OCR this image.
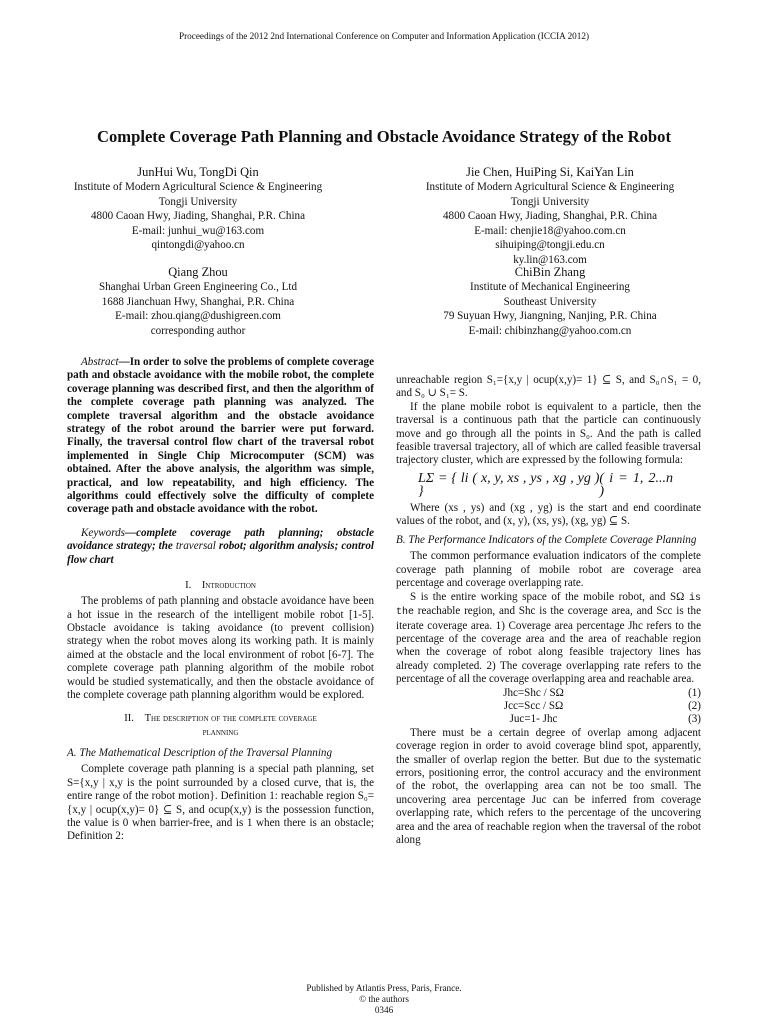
Proceedings of the 2012 2nd International Conference on Computer and Information Application (ICCIA 2012)
Complete Coverage Path Planning and Obstacle Avoidance Strategy of the Robot
JunHui Wu, TongDi Qin
Institute of Modern Agricultural Science & Engineering
Tongji University
4800 Caoan Hwy, Jiading, Shanghai, P.R. China
E-mail: junhui_wu@163.com
qintongdi@yahoo.cn
Jie Chen, HuiPing Si, KaiYan Lin
Institute of Modern Agricultural Science & Engineering
Tongji University
4800 Caoan Hwy, Jiading, Shanghai, P.R. China
E-mail: chenjie18@yahoo.com.cn
sihuiping@tongji.edu.cn
ky.lin@163.com
Qiang Zhou
Shanghai Urban Green Engineering Co., Ltd
1688 Jianchuan Hwy, Shanghai, P.R. China
E-mail: zhou.qiang@dushigreen.com
corresponding author
ChiBin Zhang
Institute of Mechanical Engineering
Southeast University
79 Suyuan Hwy, Jiangning, Nanjing, P.R. China
E-mail: chibinzhang@yahoo.com.cn

Abstract—In order to solve the problems of complete coverage path and obstacle avoidance with the mobile robot, the complete coverage planning was described first, and then the algorithm of the complete coverage path planning was analyzed. The complete traversal algorithm and the obstacle avoidance strategy of the robot around the barrier were put forward. Finally, the traversal control flow chart of the traversal robot implemented in Single Chip Microcomputer (SCM) was obtained. After the above analysis, the algorithm was simple, practical, and low repeatability, and high efficiency. The algorithms could effectively solve the difficulty of complete coverage path and obstacle avoidance with the robot.

Keywords—complete coverage path planning; obstacle avoidance strategy; the traversal robot; algorithm analysis; control flow chart

I. Introduction

The problems of path planning and obstacle avoidance have been a hot issue in the research of the intelligent mobile robot [1-5]. Obstacle avoidance is taking avoidance (to prevent collision) strategy when the robot moves along its working path. It is mainly aimed at the obstacle and the local environment of robot [6-7]. The complete coverage path planning algorithm of the mobile robot would be studied systematically, and then the obstacle avoidance of the complete coverage path planning algorithm would be explored.

II. The description of the complete coverage
planning

A. The Mathematical Description of the Traversal Planning

Complete coverage path planning is a special path planning, set S={x,y | x,y is the point surrounded by a closed curve, that is, the entire range of the robot motion}. Definition 1: reachable region S₀={x,y | ocup(x,y)= 0} ⊆ S, and ocup(x,y) is the possession function, the value is 0 when barrier-free, and is 1 when there is an obstacle; Definition 2:

unreachable region S₁={x,y | ocup(x,y)= 1} ⊆ S, and S₀∩S₁ = 0, and S₀ ∪ S₁= S.

If the plane mobile robot is equivalent to a particle, then the traversal is a continuous path that the particle can continuously move and go through all the points in S₀. And the path is called feasible traversal trajectory, all of which are called feasible traversal trajectory cluster, which are expressed by the following formula:

LΣ = { li ( x, y, xs , ys , xg , yg ) }
( i = 1, 2...n )

Where (xs , ys) and (xg , yg) is the start and end coordinate values of the robot, and (x, y), (xs, ys), (xg, yg) ⊆ S.

B. The Performance Indicators of the Complete Coverage Planning

The common performance evaluation indicators of the complete coverage path planning of mobile robot are coverage area percentage and coverage overlapping rate.

S is the entire working space of the mobile robot, and SΩ is the reachable region, and Shc is the coverage area, and Scc is the iterate coverage area. 1) Coverage area percentage Jhc refers to the percentage of the coverage area and the area of reachable region when the coverage of robot along feasible trajectory lines has already completed. 2) The coverage overlapping rate refers to the percentage of all the coverage overlapping area and reachable area.

Jhc=Shc / SΩ	(1)
Jcc=Scc / SΩ	(2)
Juc=1- Jhc	(3)

There must be a certain degree of overlap among adjacent coverage region in order to avoid coverage blind spot, apparently, the smaller of overlap region the better. But due to the systematic errors, positioning error, the control accuracy and the environment of the robot, the overlapping area can not be too small. The uncovering area percentage Juc can be inferred from coverage overlapping rate, which refers to the percentage of the uncovering area and the area of reachable region when the traversal of the robot along

Published by Atlantis Press, Paris, France.
© the authors
0346
